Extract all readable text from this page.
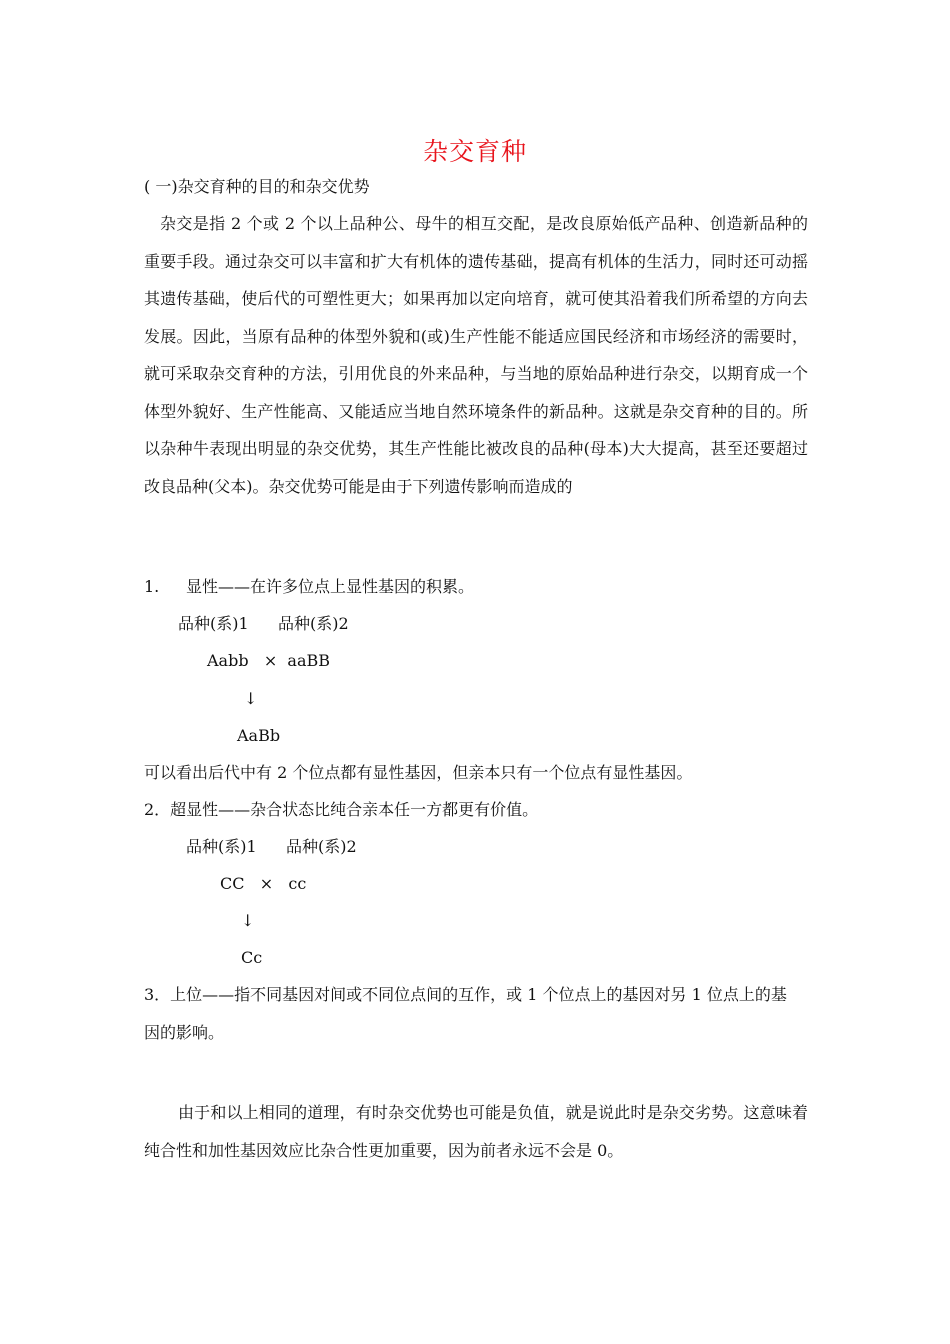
杂交育种
( 一)杂交育种的目的和杂交优势
杂交是指 2 个或 2 个以上品种公、母牛的相互交配，是改良原始低产品种、创造新品种的重要手段。通过杂交可以丰富和扩大有机体的遗传基础，提高有机体的生活力，同时还可动摇其遗传基础，使后代的可塑性更大；如果再加以定向培育，就可使其沿着我们所希望的方向去发展。因此，当原有品种的体型外貌和(或)生产性能不能适应国民经济和市场经济的需要时，就可采取杂交育种的方法，引用优良的外来品种，与当地的原始品种进行杂交，以期育成一个体型外貌好、生产性能高、又能适应当地自然环境条件的新品种。这就是杂交育种的目的。所以杂种牛表现出明显的杂交优势，其生产性能比被改良的品种(母本)大大提高，甚至还要超过改良品种(父本)。杂交优势可能是由于下列遗传影响而造成的
1. 显性——在许多位点上显性基因的积累。
品种(系)1 品种(系)2
Aabb   ×  aaBB
↓
AaBb
可以看出后代中有 2 个位点都有显性基因，但亲本只有一个位点有显性基因。
2．超显性——杂合状态比纯合亲本任一方都更有价值。
品种(系)1 品种(系)2
CC   ×   cc
↓
Cc
3．上位——指不同基因对间或不同位点间的互作，或 1 个位点上的基因对另 1 位点上的基
因的影响。
由于和以上相同的道理，有时杂交优势也可能是负值，就是说此时是杂交劣势。这意味着纯合性和加性基因效应比杂合性更加重要，因为前者永远不会是 0。
